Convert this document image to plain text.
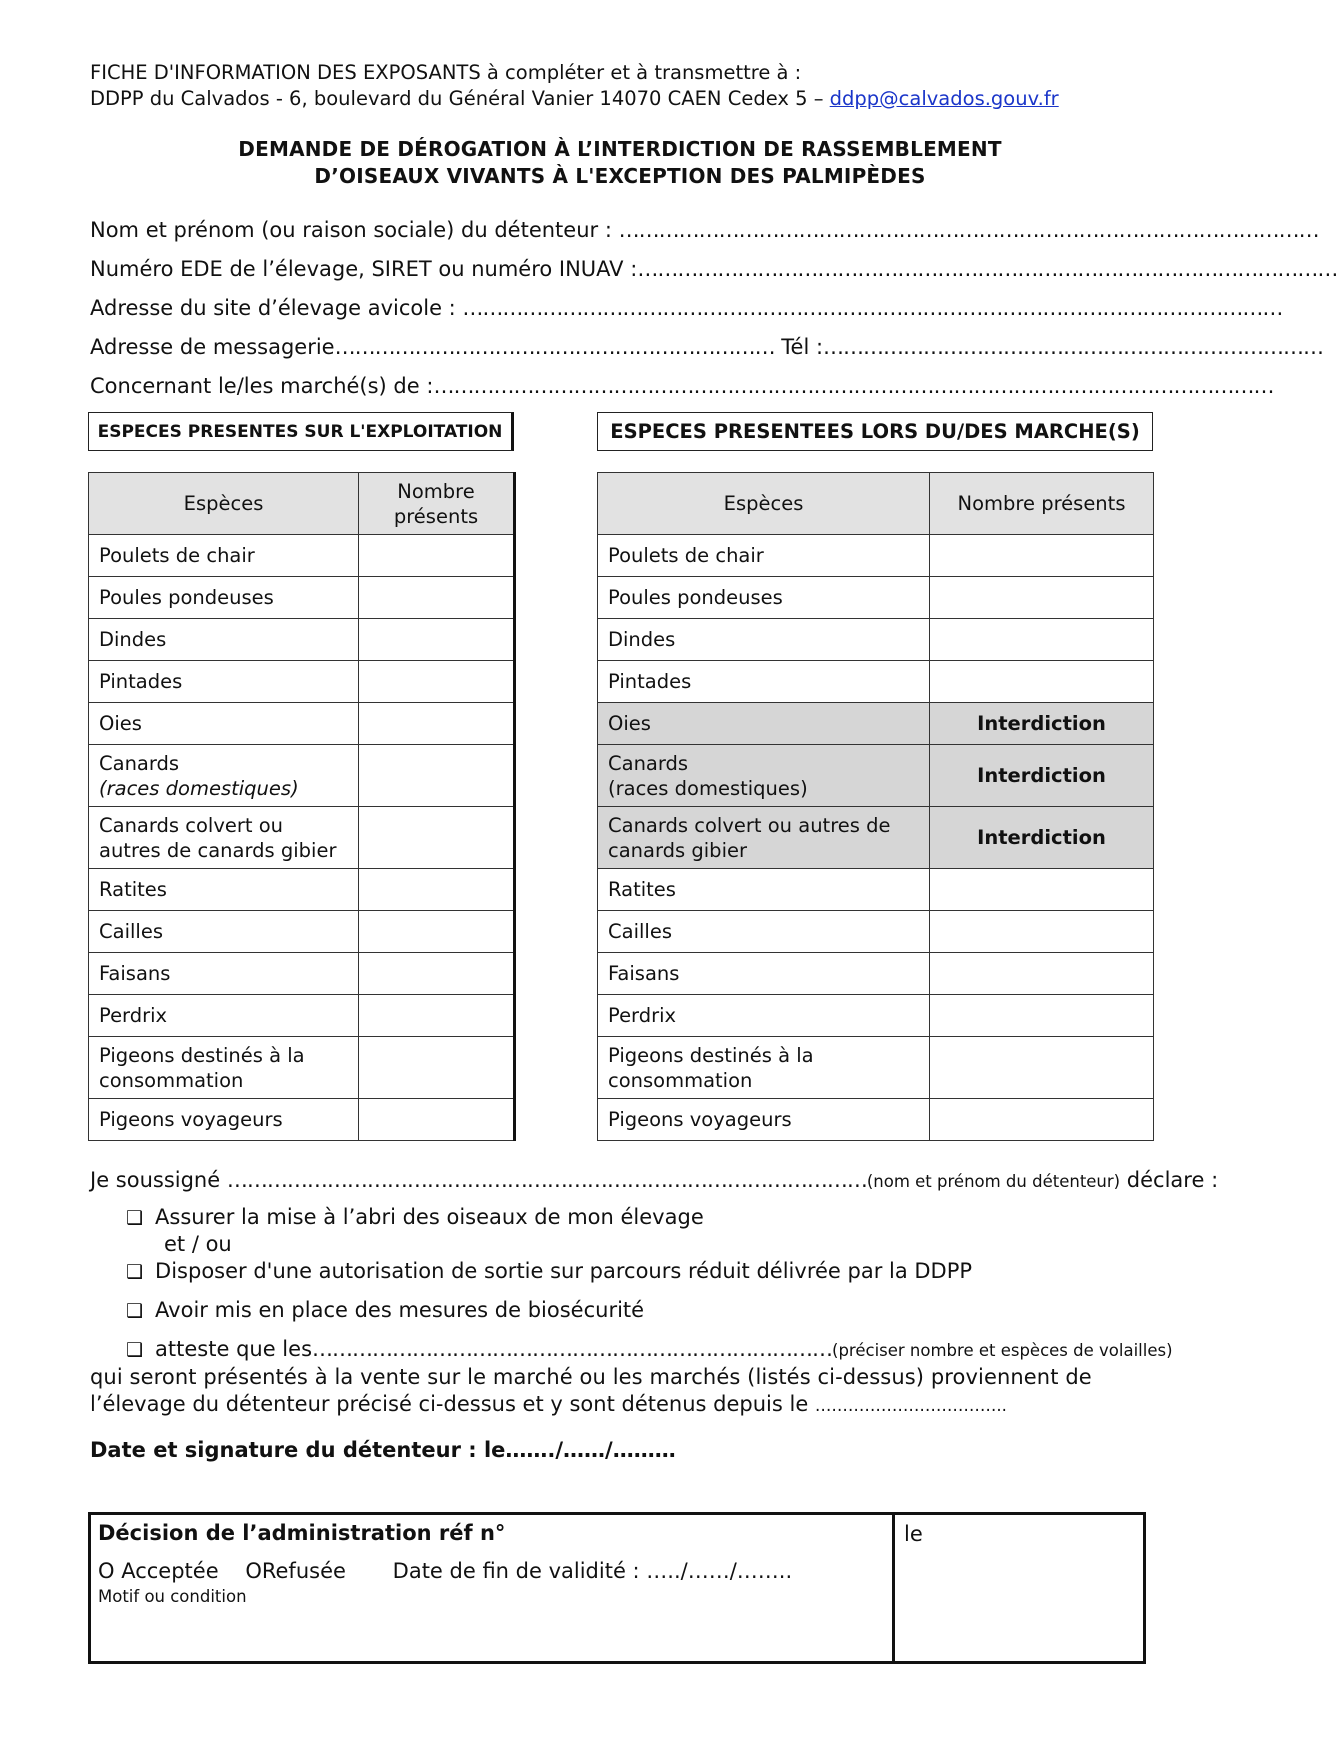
FICHE D'INFORMATION DES EXPOSANTS à compléter et à transmettre à :
DDPP du Calvados - 6, boulevard du Général Vanier 14070 CAEN Cedex 5 – ddpp@calvados.gouv.fr
DEMANDE DE DÉROGATION À L’INTERDICTION DE RASSEMBLEMENT
D’OISEAUX VIVANTS À L'EXCEPTION DES PALMIPÈDES
Nom et prénom (ou raison sociale) du détenteur : ……………………………………………………………………………………………
Numéro EDE de l’élevage, SIRET ou numéro INUAV :……………………………………………………………………………………………
Adresse du site d’élevage avicole : ……………………………………………………………………………………………………………
Adresse de messagerie………………………………………………………… Tél :…………………………………………………………………
Concernant le/les marché(s) de :………………………………………………………………………………………………………………
ESPECES PRESENTES SUR L'EXPLOITATION	ESPECES PRESENTEES LORS DU/DES MARCHE(S)
Espèces	Nombre présents
Poulets de chair	
Poules pondeuses	
Dindes	
Pintades	
Oies	

Canards
(races domestiques)	

Canards colvert ou autres de canards gibier	
Ratites	
Cailles	
Faisans	
Perdrix	
Pigeons destinés à la consommation	
Pigeons voyageurs	
Espèces	Nombre présents
Poulets de chair	
Poules pondeuses	
Dindes	
Pintades	
Oies	Interdiction

Canards
(races domestiques)	Interdiction
Canards colvert ou autres de canards gibier	Interdiction
Ratites	
Cailles	
Faisans	
Perdrix	
Pigeons destinés à la consommation	
Pigeons voyageurs	
Je soussigné ……………………………………………………………………………………(nom et prénom du détenteur) déclare :
❑ Assurer la mise à l’abri des oiseaux de mon élevage
et / ou
❑ Disposer d'une autorisation de sortie sur parcours réduit délivrée par la DDPP
❑ Avoir mis en place des mesures de biosécurité
❑ atteste que les……………………………………………………………………(préciser nombre et espèces de volailles)
qui seront présentés à la vente sur le marché ou les marchés (listés ci-dessus) proviennent de
l’élevage du détenteur précisé ci-dessus et y sont détenus depuis le ……………………………..
Date et signature du détenteur : le……./……/………
Décision de l’administration réf n°
O Acceptée ORefusée Date de fin de validité : …../……/……..
Motif ou condition
le
